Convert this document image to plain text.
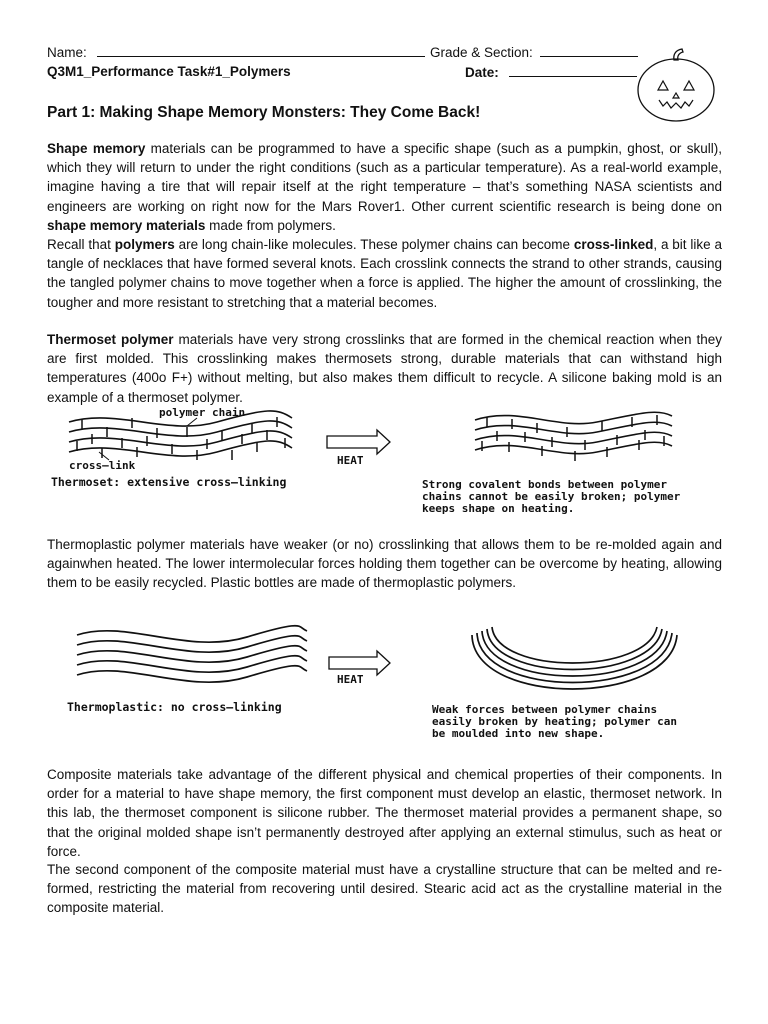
Name:	Grade & Section:
Q3M1_Performance Task#1_Polymers	Date:
Part 1: Making Shape Memory Monsters: They Come Back!

Shape memory materials can be programmed to have a specific shape (such as a pumpkin, ghost, or skull), which they will return to under the right conditions (such as a particular temperature). As a real-world example, imagine having a tire that will repair itself at the right temperature – that’s something NASA scientists and engineers are working on right now for the Mars Rover1. Other current scientific research is being done on shape memory materials made from polymers.

Recall that polymers are long chain-like molecules. These polymer chains can become cross-linked, a bit like a tangle of necklaces that have formed several knots. Each crosslink connects the strand to other strands, causing the tangled polymer chains to move together when a force is applied. The higher the amount of crosslinking, the tougher and more resistant to stretching that a material becomes.

Thermoset polymer materials have very strong crosslinks that are formed in the chemical reaction when they are first molded. This crosslinking makes thermosets strong, durable materials that can withstand high temperatures (400o F+) without melting, but also makes them difficult to recycle. A silicone baking mold is an example of a thermoset polymer.

polymer chain
cross–link
Thermoset: extensive cross–linking
HEAT
Strong covalent bonds between polymer
chains cannot be easily broken; polymer
keeps shape on heating.

Thermoplastic polymer materials have weaker (or no) crosslinking that allows them to be re-molded again and againwhen heated. The lower intermolecular forces holding them together can be overcome by heating, allowing them to be easily recycled. Plastic bottles are made of thermoplastic polymers.

Thermoplastic: no cross–linking
HEAT
Weak forces between polymer chains
easily broken by heating; polymer can
be moulded into new shape.

Composite materials take advantage of the different physical and chemical properties of their components. In order for a material to have shape memory, the first component must develop an elastic, thermoset network. In this lab, the thermoset component is silicone rubber. The thermoset material provides a permanent shape, so that the original molded shape isn’t permanently destroyed after applying an external stimulus, such as heat or force.

The second component of the composite material must have a crystalline structure that can be melted and re-formed, restricting the material from recovering until desired. Stearic acid act as the crystalline material in the composite material.
